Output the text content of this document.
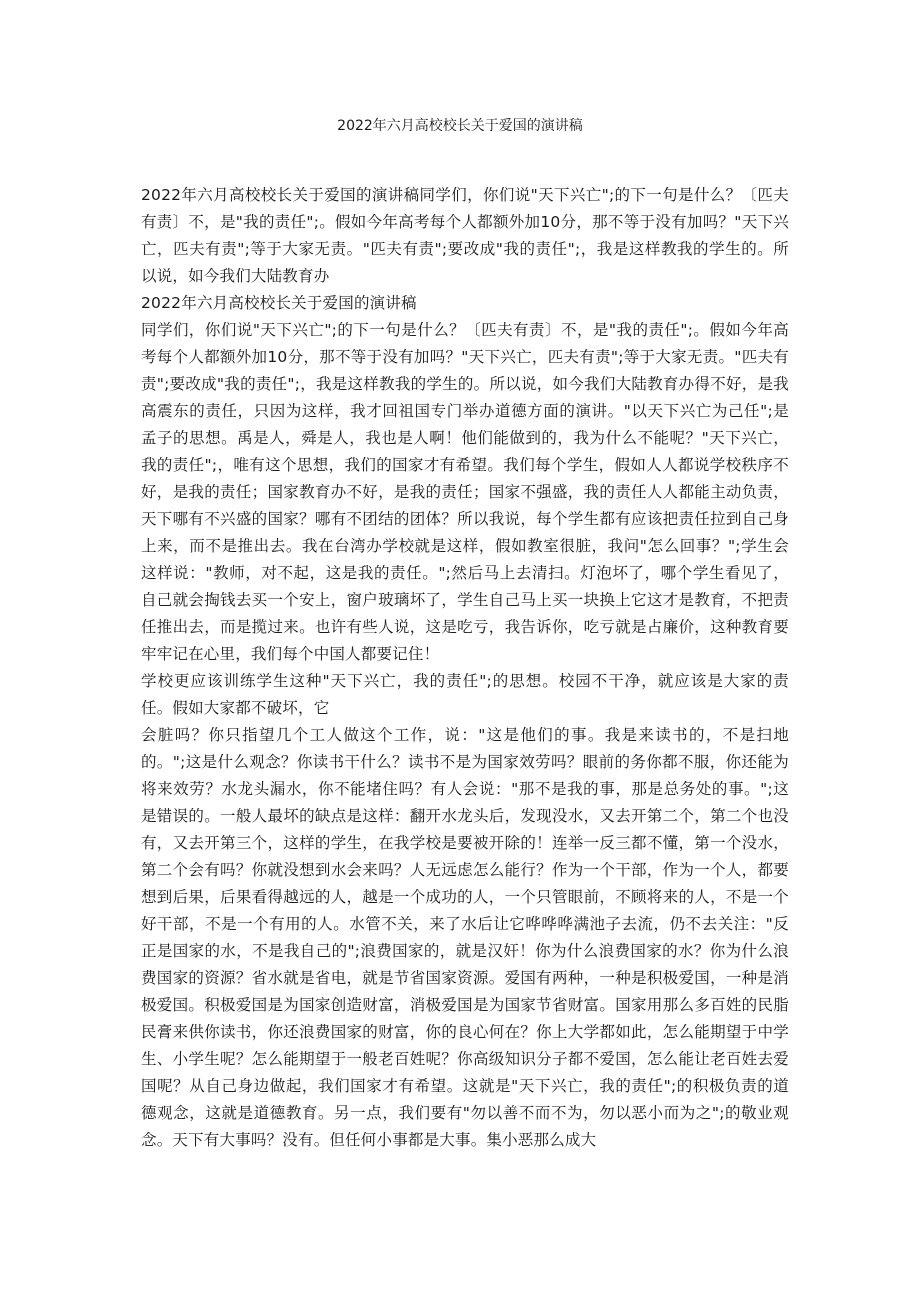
2022年六月高校校长关于爱国的演讲稿

2022年六月高校校长关于爱国的演讲稿同学们，你们说"天下兴亡";的下一句是什么？〔匹夫有责〕不，是"我的责任";。假如今年高考每个人都额外加10分，那不等于没有加吗？"天下兴亡，匹夫有责";等于大家无责。"匹夫有责";要改成"我的责任";，我是这样教我的学生的。所以说，如今我们大陆教育办

2022年六月高校校长关于爱国的演讲稿

同学们，你们说"天下兴亡";的下一句是什么？〔匹夫有责〕不，是"我的责任";。假如今年高考每个人都额外加10分，那不等于没有加吗？"天下兴亡，匹夫有责";等于大家无责。"匹夫有责";要改成"我的责任";，我是这样教我的学生的。所以说，如今我们大陆教育办得不好，是我高震东的责任，只因为这样，我才回祖国专门举办道德方面的演讲。"以天下兴亡为己任";是孟子的思想。禹是人，舜是人，我也是人啊！他们能做到的，我为什么不能呢？"天下兴亡，我的责任";，唯有这个思想，我们的国家才有希望。我们每个学生，假如人人都说学校秩序不好，是我的责任；国家教育办不好，是我的责任；国家不强盛，我的责任人人都能主动负责，天下哪有不兴盛的国家？哪有不团结的团体？所以我说，每个学生都有应该把责任拉到自己身上来，而不是推出去。我在台湾办学校就是这样，假如教室很脏，我问"怎么回事？";学生会这样说："教师，对不起，这是我的责任。";然后马上去清扫。灯泡坏了，哪个学生看见了，自己就会掏钱去买一个安上，窗户玻璃坏了，学生自己马上买一块换上它这才是教育，不把责任推出去，而是揽过来。也许有些人说，这是吃亏，我告诉你，吃亏就是占廉价，这种教育要牢牢记在心里，我们每个中国人都要记住！

学校更应该训练学生这种"天下兴亡，我的责任";的思想。校园不干净，就应该是大家的责任。假如大家都不破坏，它

会脏吗？你只指望几个工人做这个工作，说："这是他们的事。我是来读书的，不是扫地的。";这是什么观念？你读书干什么？读书不是为国家效劳吗？眼前的务你都不服，你还能为将来效劳？水龙头漏水，你不能堵住吗？有人会说："那不是我的事，那是总务处的事。";这是错误的。一般人最坏的缺点是这样：翻开水龙头后，发现没水，又去开第二个，第二个也没有，又去开第三个，这样的学生，在我学校是要被开除的！连举一反三都不懂，第一个没水，第二个会有吗？你就没想到水会来吗？人无远虑怎么能行？作为一个干部，作为一个人，都要想到后果，后果看得越远的人，越是一个成功的人，一个只管眼前，不顾将来的人，不是一个好干部，不是一个有用的人。水管不关，来了水后让它哗哗哗满池子去流，仍不去关注："反正是国家的水，不是我自己的";浪费国家的，就是汉奸！你为什么浪费国家的水？你为什么浪费国家的资源？省水就是省电，就是节省国家资源。爱国有两种，一种是积极爱国，一种是消极爱国。积极爱国是为国家创造财富，消极爱国是为国家节省财富。国家用那么多百姓的民脂民膏来供你读书，你还浪费国家的财富，你的良心何在？你上大学都如此，怎么能期望于中学生、小学生呢？怎么能期望于一般老百姓呢？你高级知识分子都不爱国，怎么能让老百姓去爱国呢？从自己身边做起，我们国家才有希望。这就是"天下兴亡，我的责任";的积极负责的道德观念，这就是道德教育。另一点，我们要有"勿以善不而不为，勿以恶小而为之";的敬业观念。天下有大事吗？没有。但任何小事都是大事。集小恶那么成大
